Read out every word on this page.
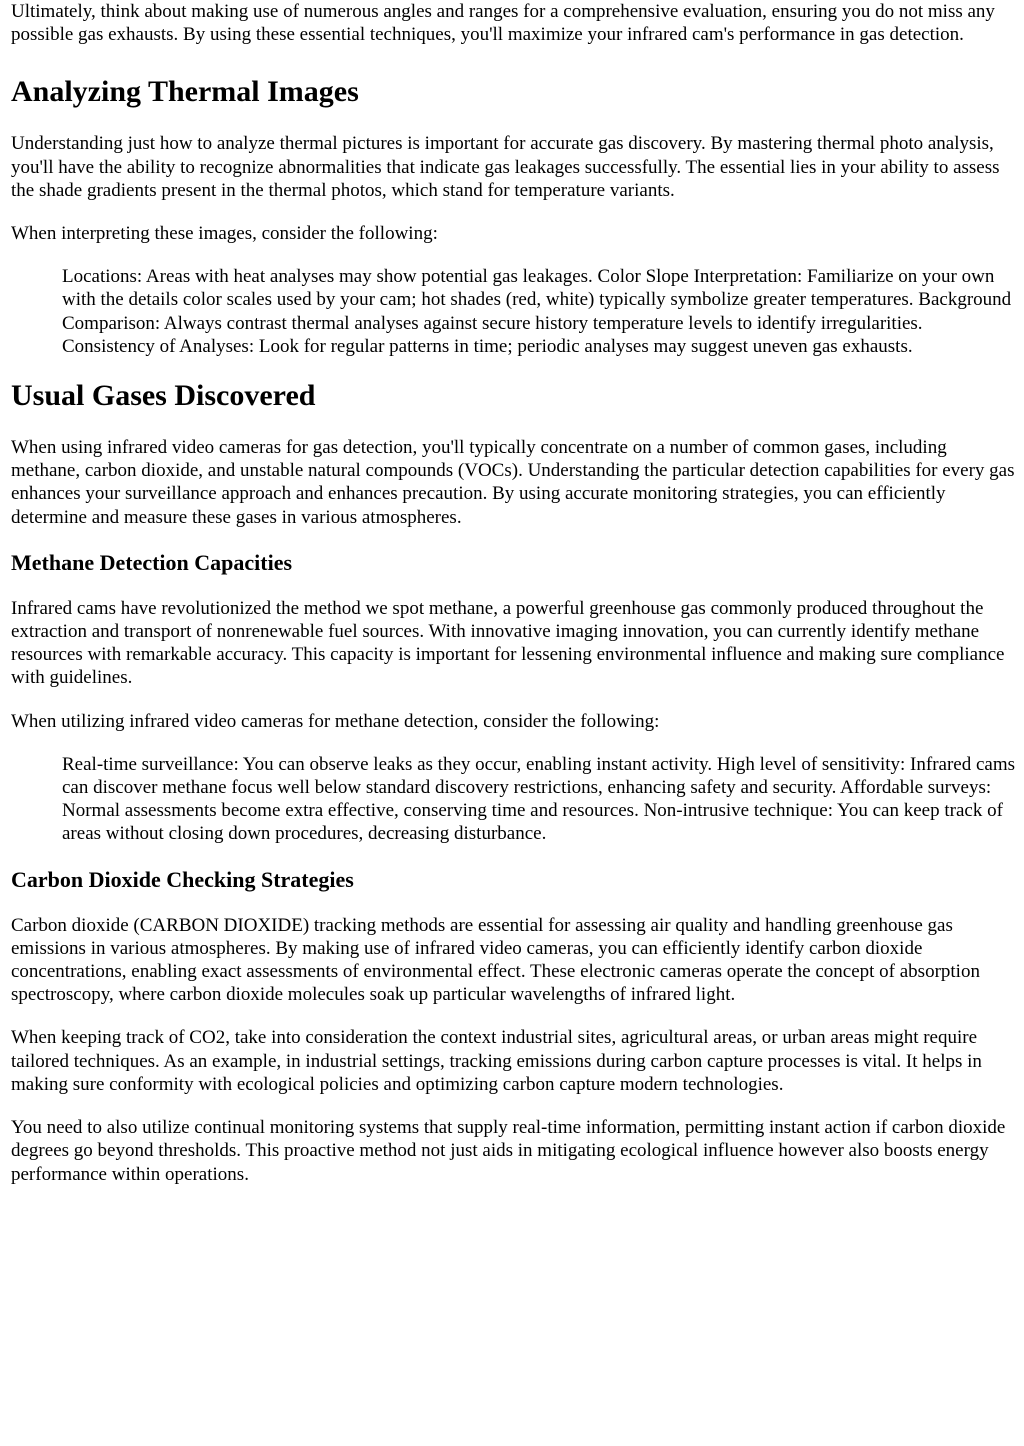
Ultimately, think about making use of numerous angles and ranges for a comprehensive evaluation, ensuring you do not miss any possible gas exhausts. By using these essential techniques, you'll maximize your infrared cam's performance in gas detection.

Analyzing Thermal Images

Understanding just how to analyze thermal pictures is important for accurate gas discovery. By mastering thermal photo analysis, you'll have the ability to recognize abnormalities that indicate gas leakages successfully. The essential lies in your ability to assess the shade gradients present in the thermal photos, which stand for temperature variants.

When interpreting these images, consider the following:

Locations: Areas with heat analyses may show potential gas leakages. Color Slope Interpretation: Familiarize on your own with the details color scales used by your cam; hot shades (red, white) typically symbolize greater temperatures. Background Comparison: Always contrast thermal analyses against secure history temperature levels to identify irregularities. Consistency of Analyses: Look for regular patterns in time; periodic analyses may suggest uneven gas exhausts.
Usual Gases Discovered

When using infrared video cameras for gas detection, you'll typically concentrate on a number of common gases, including methane, carbon dioxide, and unstable natural compounds (VOCs). Understanding the particular detection capabilities for every gas enhances your surveillance approach and enhances precaution. By using accurate monitoring strategies, you can efficiently determine and measure these gases in various atmospheres.

Methane Detection Capacities

Infrared cams have revolutionized the method we spot methane, a powerful greenhouse gas commonly produced throughout the extraction and transport of nonrenewable fuel sources. With innovative imaging innovation, you can currently identify methane resources with remarkable accuracy. This capacity is important for lessening environmental influence and making sure compliance with guidelines.

When utilizing infrared video cameras for methane detection, consider the following:

Real-time surveillance: You can observe leaks as they occur, enabling instant activity. High level of sensitivity: Infrared cams can discover methane focus well below standard discovery restrictions, enhancing safety and security. Affordable surveys: Normal assessments become extra effective, conserving time and resources. Non-intrusive technique: You can keep track of areas without closing down procedures, decreasing disturbance.
Carbon Dioxide Checking Strategies

Carbon dioxide (CARBON DIOXIDE) tracking methods are essential for assessing air quality and handling greenhouse gas emissions in various atmospheres. By making use of infrared video cameras, you can efficiently identify carbon dioxide concentrations, enabling exact assessments of environmental effect. These electronic cameras operate the concept of absorption spectroscopy, where carbon dioxide molecules soak up particular wavelengths of infrared light.

When keeping track of CO2, take into consideration the context industrial sites, agricultural areas, or urban areas might require tailored techniques. As an example, in industrial settings, tracking emissions during carbon capture processes is vital. It helps in making sure conformity with ecological policies and optimizing carbon capture modern technologies.

You need to also utilize continual monitoring systems that supply real-time information, permitting instant action if carbon dioxide degrees go beyond thresholds. This proactive method not just aids in mitigating ecological influence however also boosts energy performance within operations.
